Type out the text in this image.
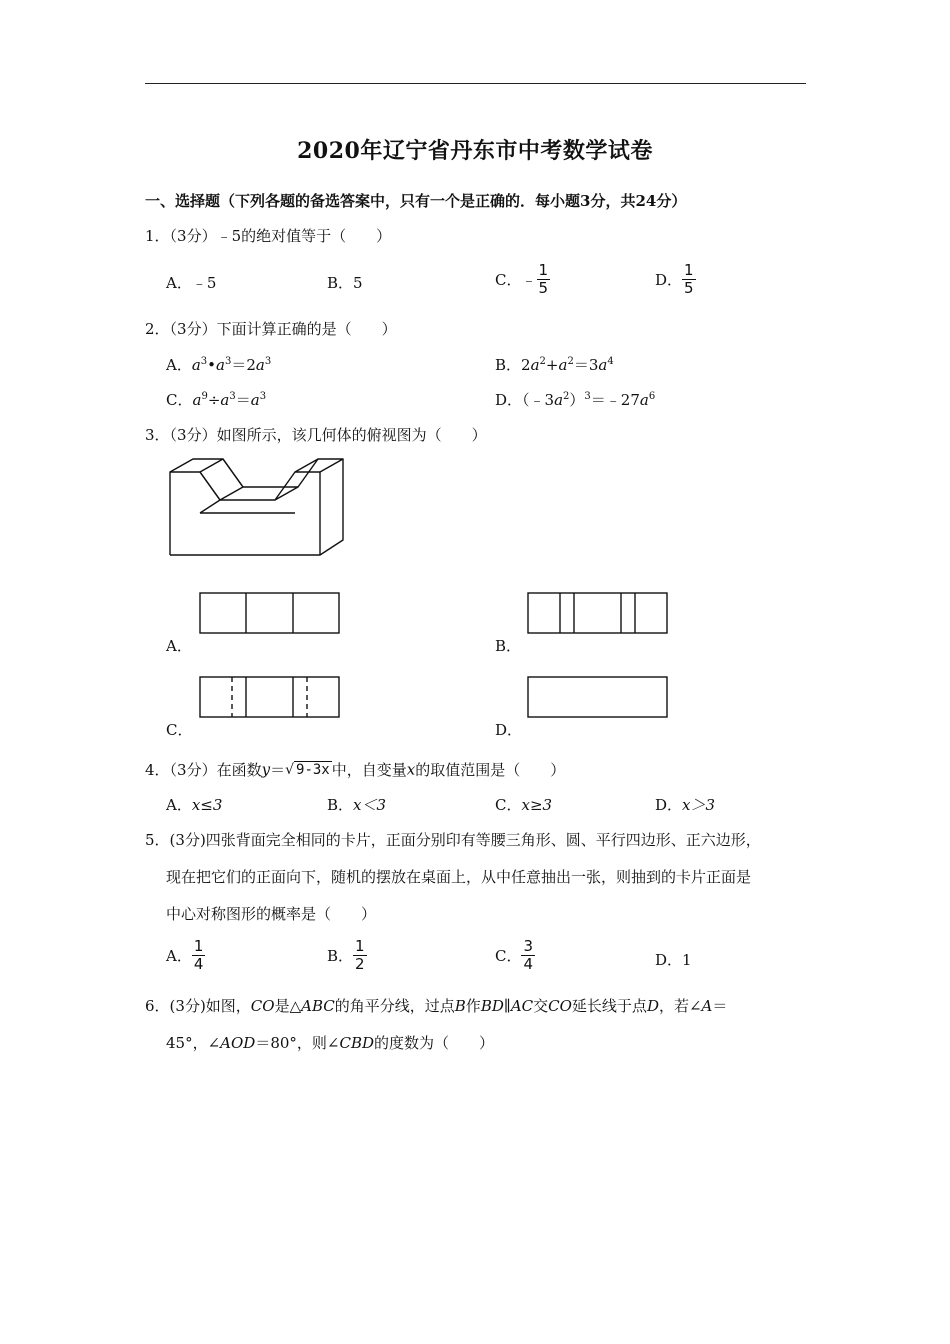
2020年辽宁省丹东市中考数学试卷
一、选择题（下列各题的备选答案中，只有一个是正确的．每小题3分，共24分）
1．（3分）﹣5的绝对值等于（　　）
A．﹣5	B．5	C．﹣ $\frac{1}{5}$	D． $\frac{1}{5}$
2．（3分）下面计算正确的是（　　）
A．$a^3•a^3=2a^3$	B．$2a^2+a^2=3a^4$
C．$a^9\div a^3=a^3$	D．$(﹣3a^2)^3=﹣27a^6$
3．（3分）如图所示，该几何体的俯视图为（　　）
A．	B．
C．	D．
4．（3分）在函数y＝√ 9-3x 中，自变量x的取值范围是（　　）
A．x≤3	B．x＜3	C．x≥3	D．x＞3
5．(3分)四张背面完全相同的卡片，正面分别印有等腰三角形、圆、平行四边形、正六边形，
现在把它们的正面向下，随机的摆放在桌面上，从中任意抽出一张，则抽到的卡片正面是
中心对称图形的概率是（　　）
A． $\frac{1}{4}$	B． $\frac{1}{2}$	C． $\frac{3}{4}$	D．1
6．(3分)如图，CO是△ABC的角平分线，过点B作BD∥AC交CO延长线于点D，若∠A＝
45°，∠AOD＝80°，则∠CBD的度数为（　　）
